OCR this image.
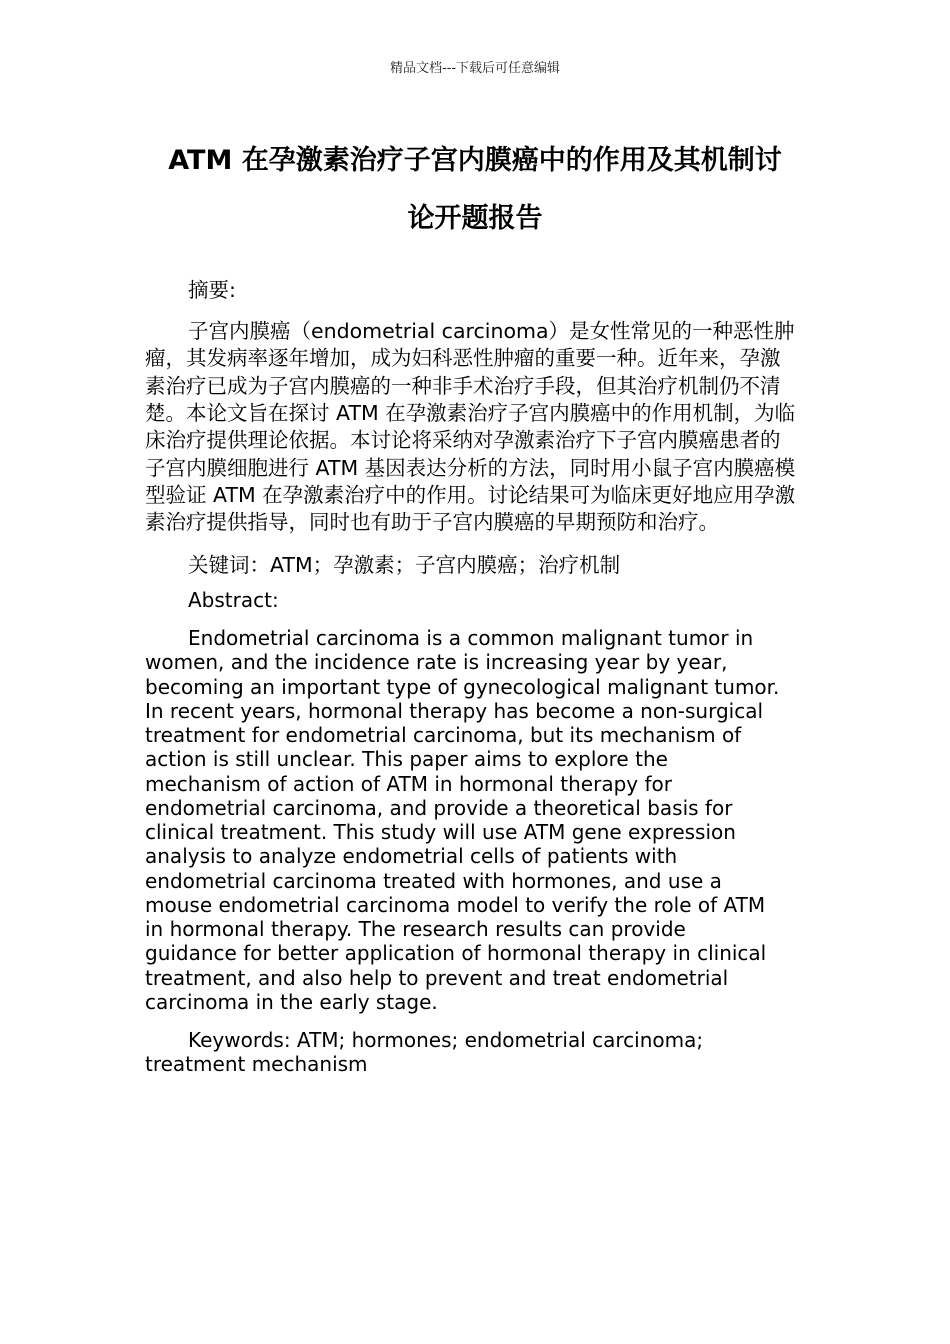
精品文档---下载后可任意编辑
ATM 在孕激素治疗子宫内膜癌中的作用及其机制讨
论开题报告
摘要:
子宫内膜癌（endometrial carcinoma）是女性常见的一种恶性肿
瘤，其发病率逐年增加，成为妇科恶性肿瘤的重要一种。近年来，孕激
素治疗已成为子宫内膜癌的一种非手术治疗手段，但其治疗机制仍不清
楚。本论文旨在探讨 ATM 在孕激素治疗子宫内膜癌中的作用机制，为临
床治疗提供理论依据。本讨论将采纳对孕激素治疗下子宫内膜癌患者的
子宫内膜细胞进行 ATM 基因表达分析的方法，同时用小鼠子宫内膜癌模
型验证 ATM 在孕激素治疗中的作用。讨论结果可为临床更好地应用孕激
素治疗提供指导，同时也有助于子宫内膜癌的早期预防和治疗。
关键词：ATM；孕激素；子宫内膜癌；治疗机制
Abstract:
Endometrial carcinoma is a common malignant tumor in
women, and the incidence rate is increasing year by year,
becoming an important type of gynecological malignant tumor.
In recent years, hormonal therapy has become a non-surgical
treatment for endometrial carcinoma, but its mechanism of
action is still unclear. This paper aims to explore the
mechanism of action of ATM in hormonal therapy for
endometrial carcinoma, and provide a theoretical basis for
clinical treatment. This study will use ATM gene expression
analysis to analyze endometrial cells of patients with
endometrial carcinoma treated with hormones, and use a
mouse endometrial carcinoma model to verify the role of ATM
in hormonal therapy. The research results can provide
guidance for better application of hormonal therapy in clinical
treatment, and also help to prevent and treat endometrial
carcinoma in the early stage.
Keywords: ATM; hormones; endometrial carcinoma;
treatment mechanism
